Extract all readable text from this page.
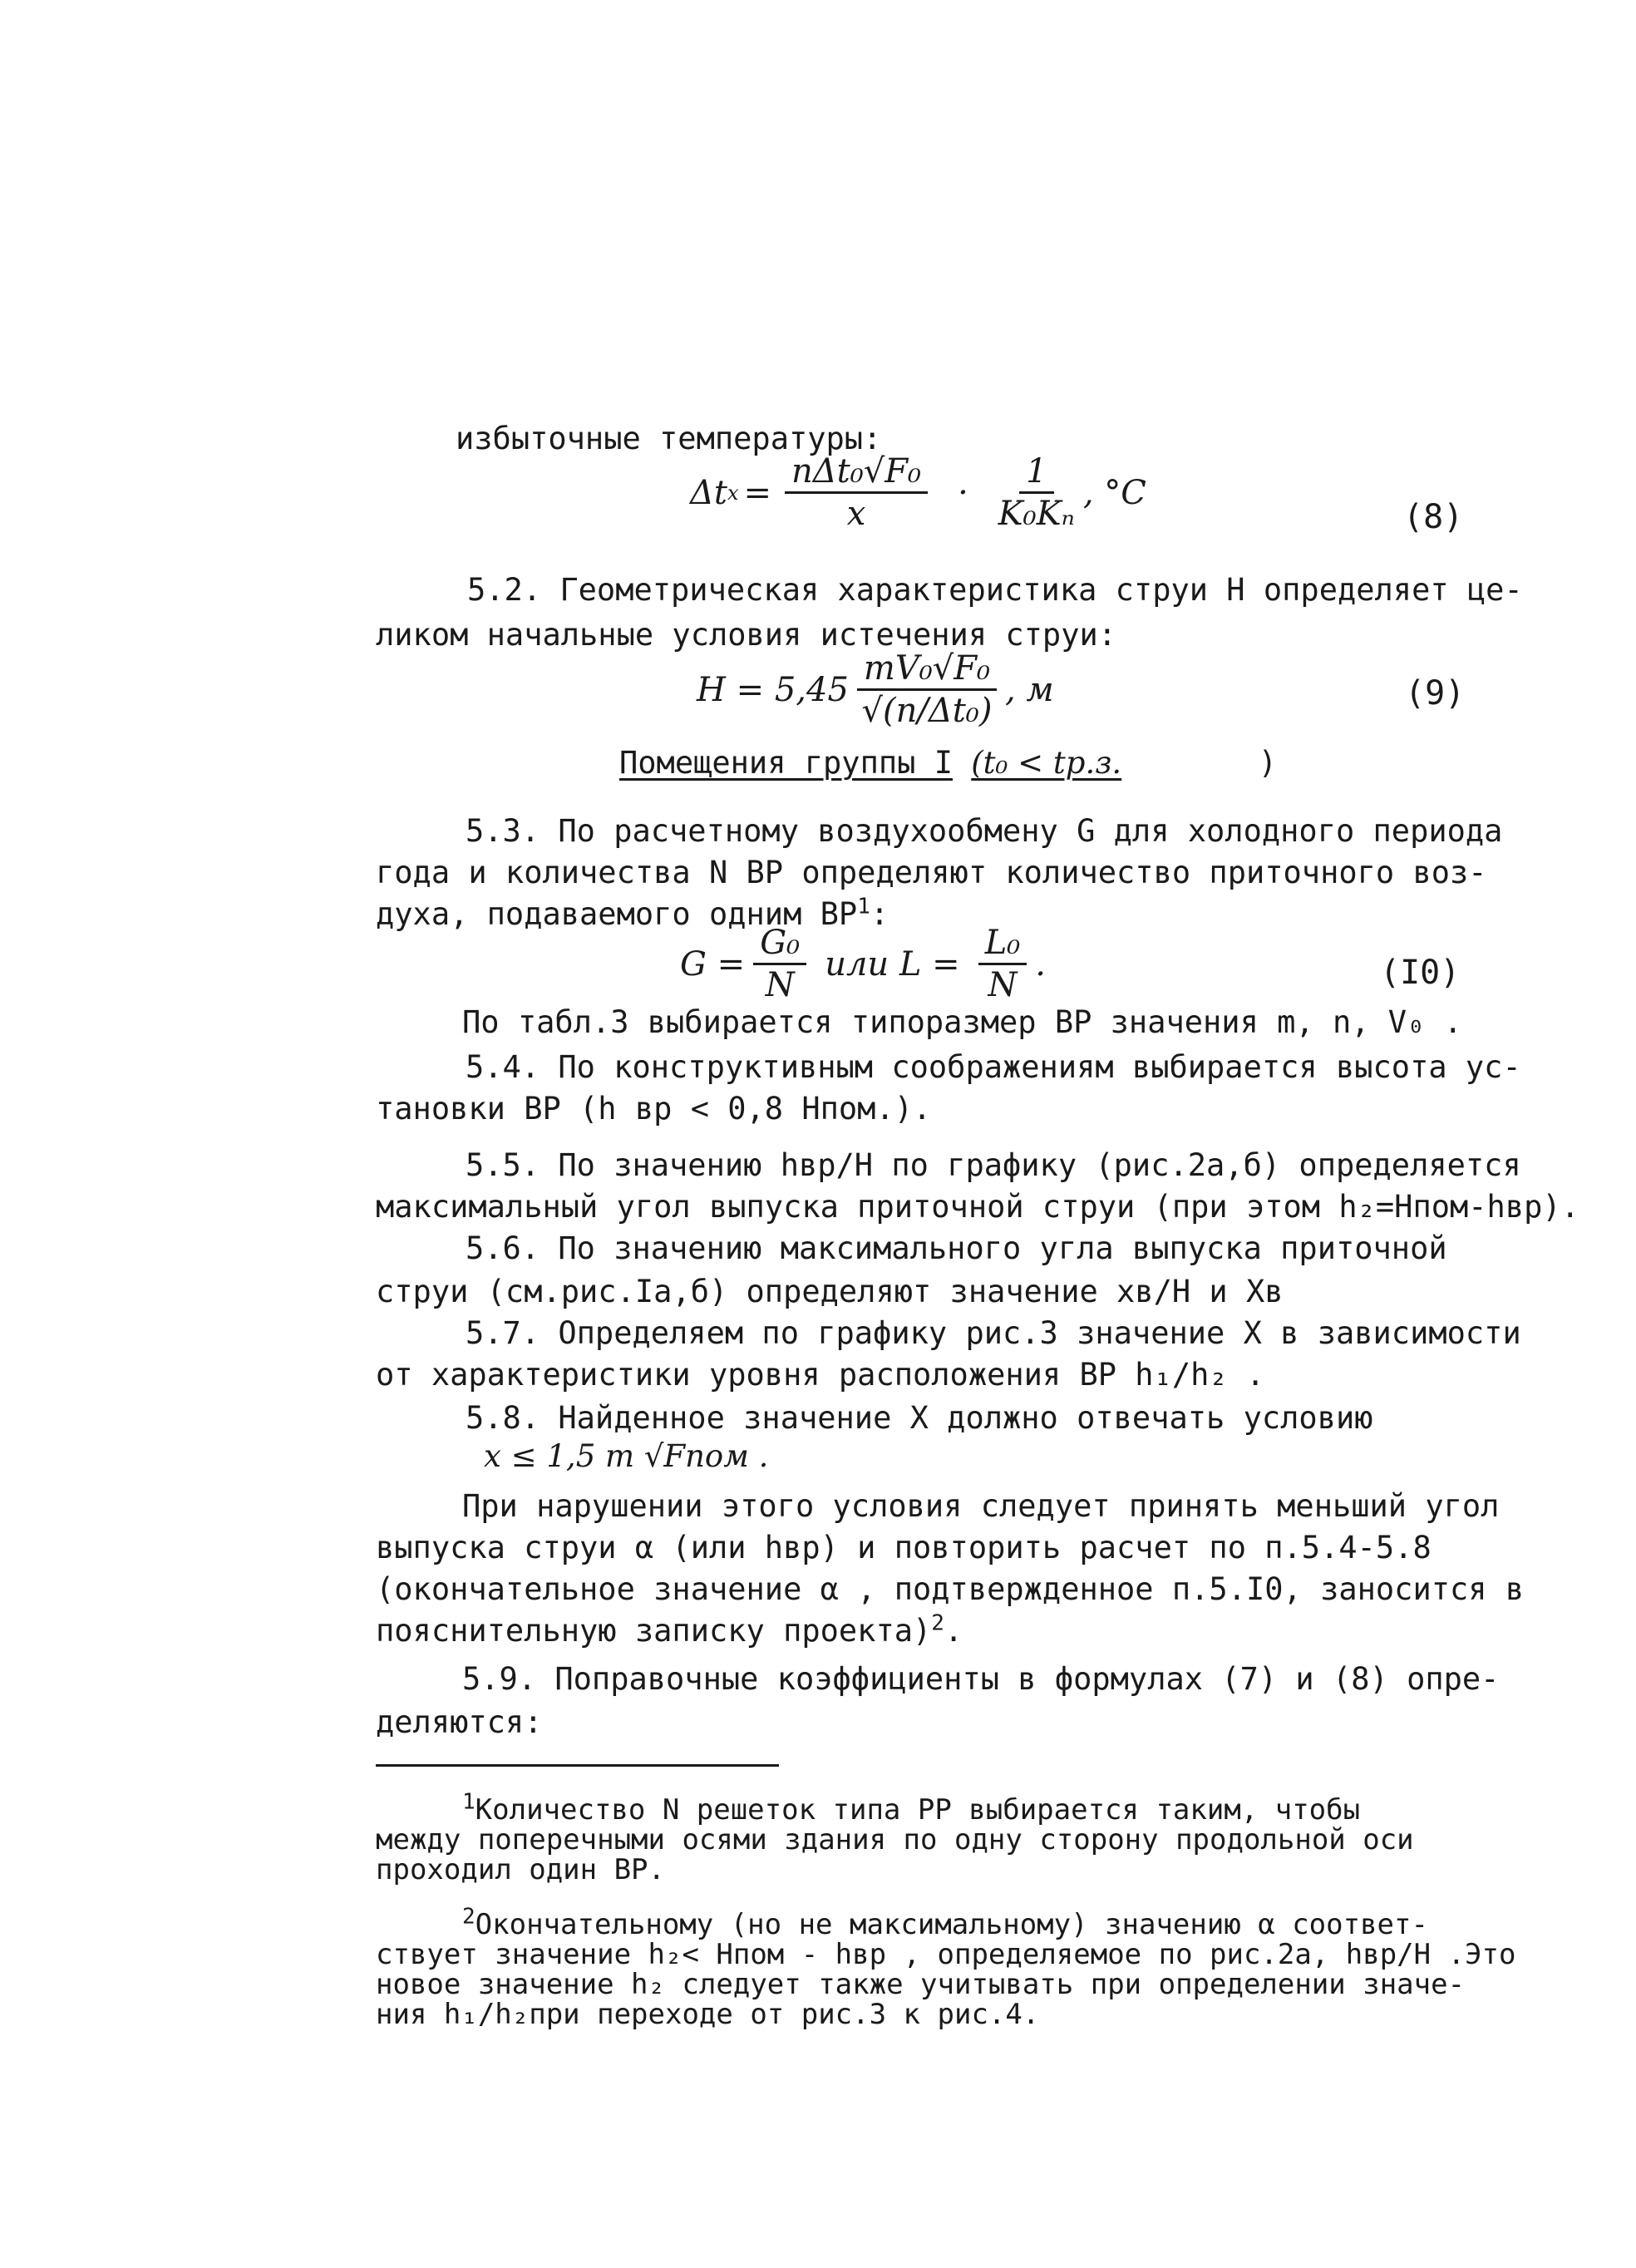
избыточные температуры:
Δt $x = \frac{\text{nΔt₀√F₀}}{x} \cdot \frac{1}{\text{K₀Kₙ}}$ , °C
(8)
5.2. Геометрическая характеристика струи H определяет це-
ликом начальные условия истечения струи:
$H = 5,45 \frac{\text{mV₀√F₀}}{\text{√(n/Δt₀)}}$ , м	(9)
Помещения группы I (t₀ < tр.з.	)
5.3. По расчетному воздухообмену G для холодного периода
года и количества N ВР определяют количество приточного воз-
духа, подаваемого одним $ВР^1$:
$G = \frac{\text{G₀}}{N}$ или $L = \frac{\text{L₀}}{N}$ .	(I0)
По табл.3 выбирается типоразмер ВР значения m, n, V₀ .
5.4. По конструктивным соображениям выбирается высота ус-
тановки ВР (h вр < 0,8 Hпом.).
5.5. По значению hвр/H по графику (рис.2а,б) определяется
максимальный угол выпуска приточной струи (при этом h₂=Hпом-hвр).
5.6. По значению максимального угла выпуска приточной
струи (см.рис.Iа,б) определяют значение xв/H и Xв
5.7. Определяем по графику рис.3 значение X в зависимости
от характеристики уровня расположения ВР h₁/h₂ .
5.8. Найденное значение X должно отвечать условию
x ≤ 1,5 m √Fпом .
При нарушении этого условия следует принять меньший угол
выпуска струи α (или hвр) и повторить расчет по п.5.4-5.8
(окончательное значение α , подтвержденное п.5.I0, заносится в
пояснительную записку проекта)$^2$.
5.9. Поправочные коэффициенты в формулах (7) и (8) опре-
деляются:
$^1$Количество N решеток типа РР выбирается таким, чтобы
между поперечными осями здания по одну сторону продольной оси
проходил один ВР.
$^2$Окончательному (но не максимальному) значению α соответ-
ствует значение h₂< Hпом - hвр , определяемое по рис.2а, hвр/H .Это
новое значение h₂ следует также учитывать при определении значе-
ния h₁/h₂при переходе от рис.3 к рис.4.
